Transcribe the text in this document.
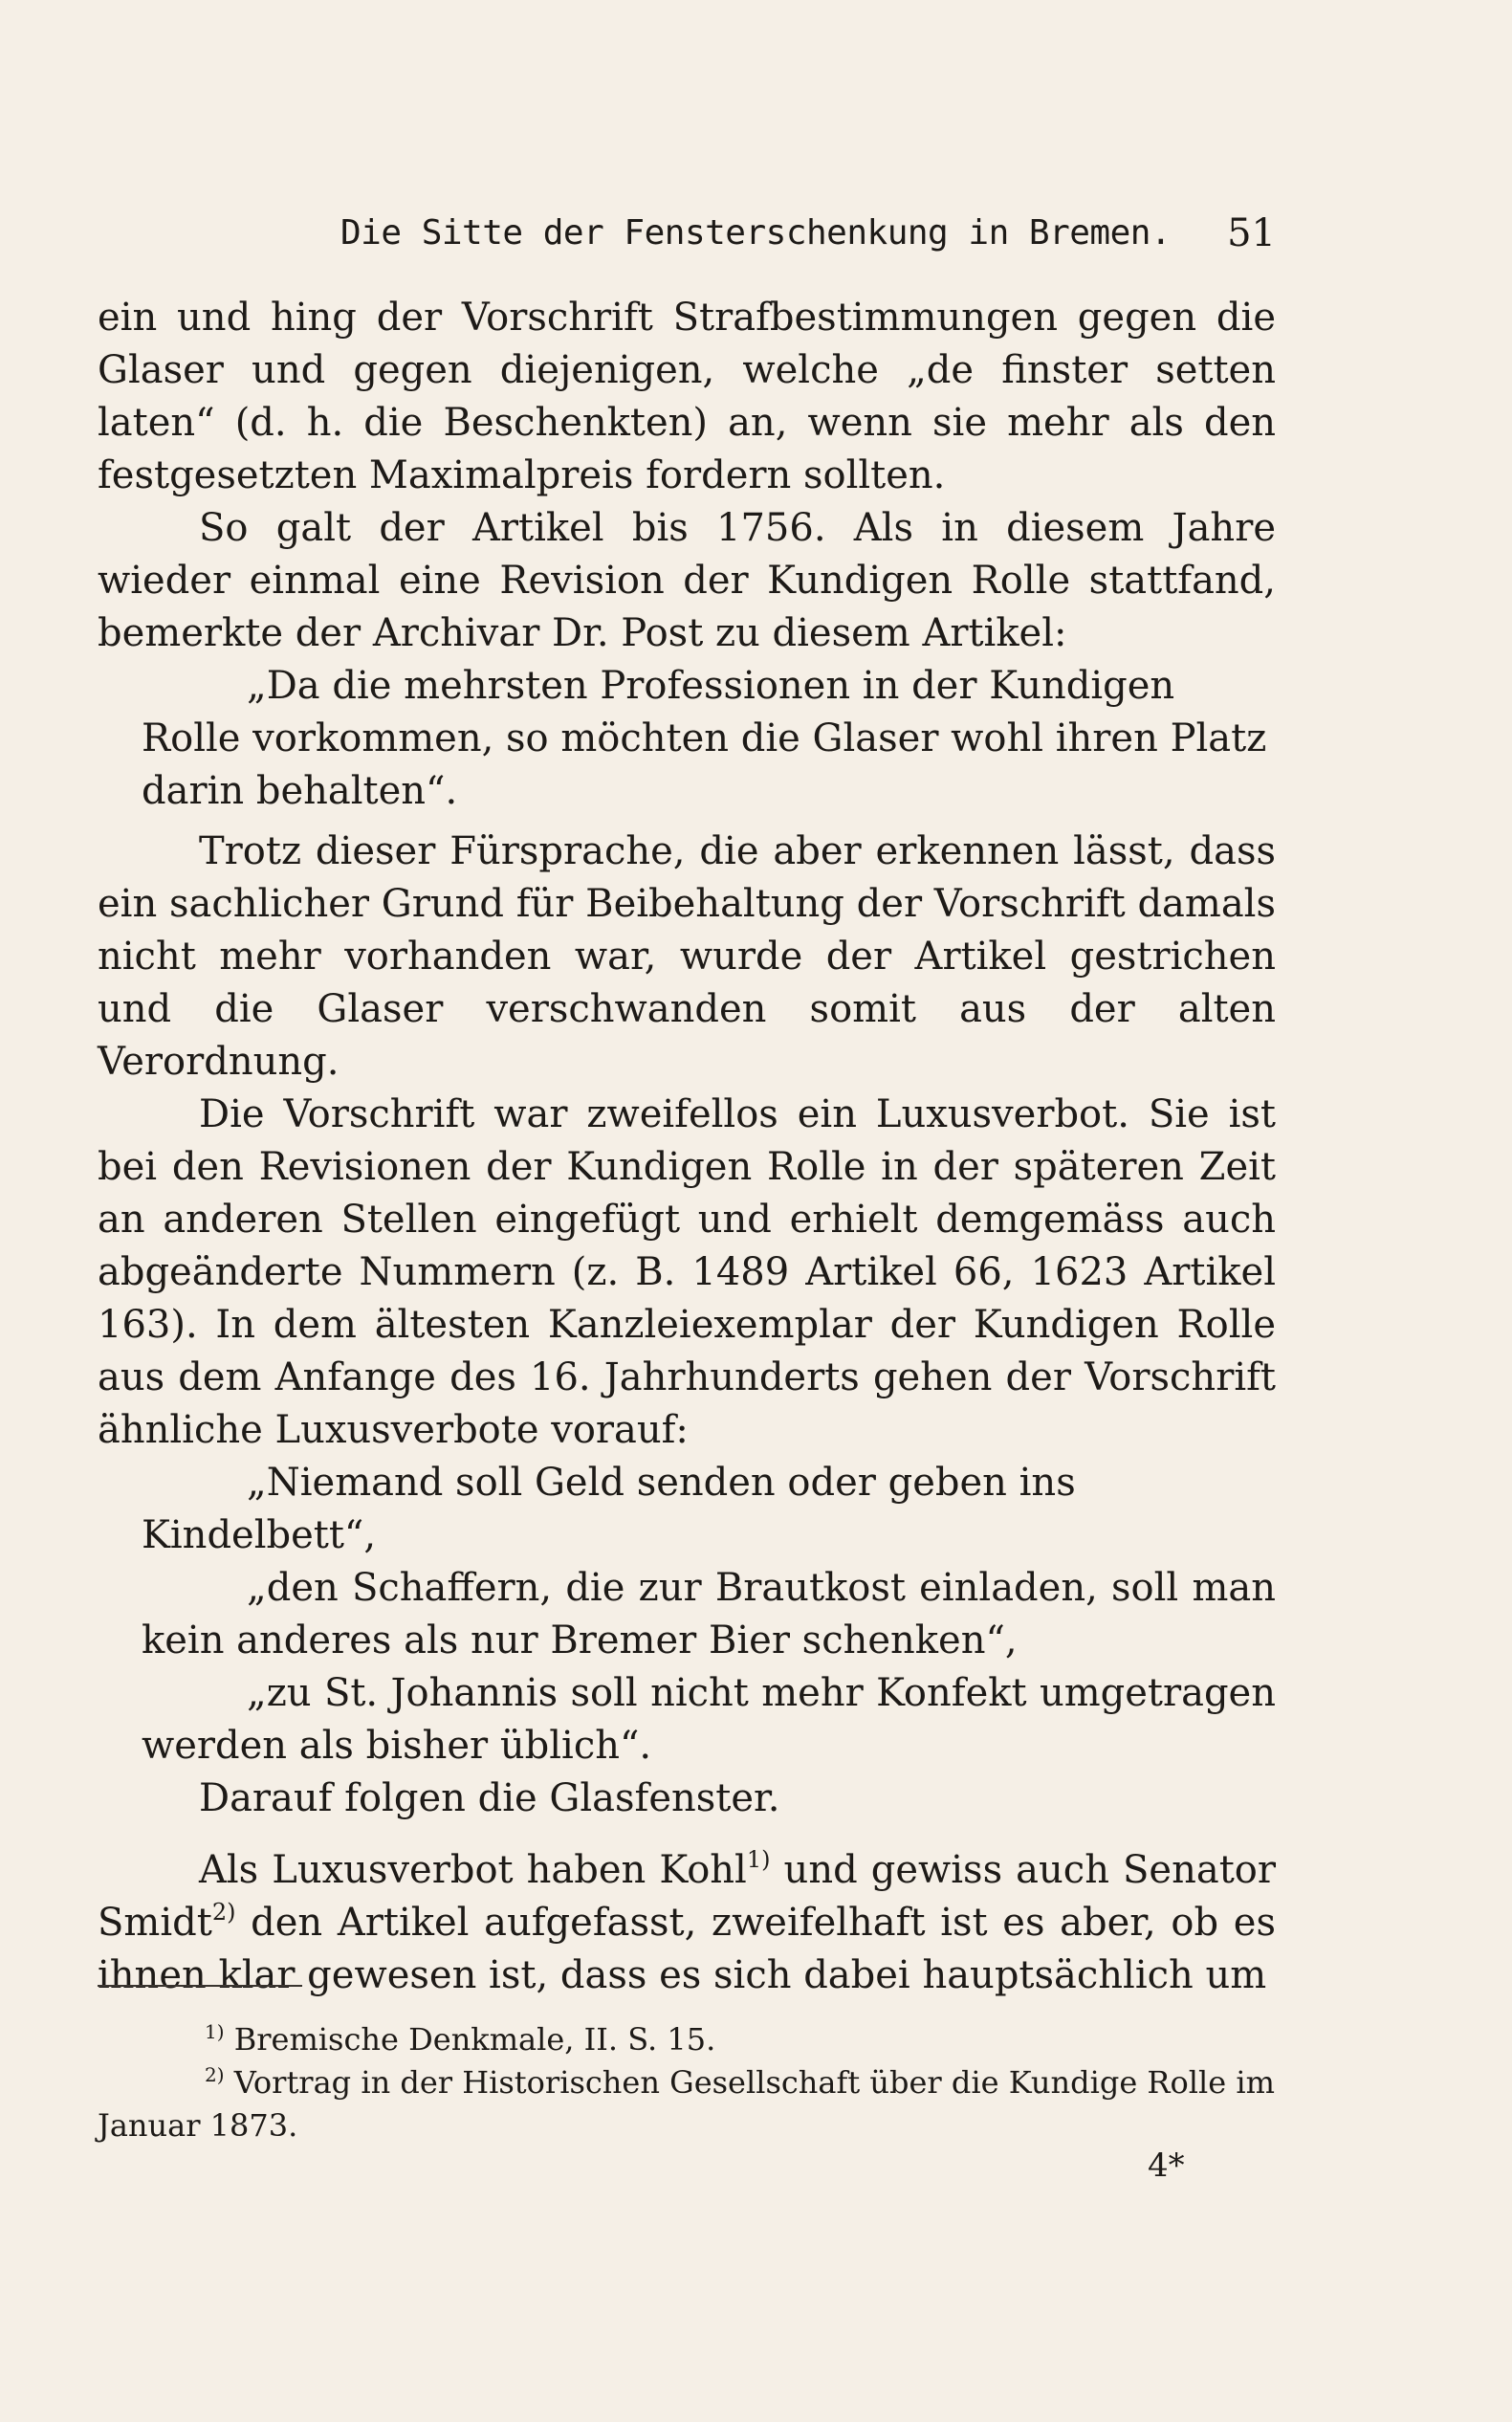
Die Sitte der Fensterschenkung in Bremen. 51

ein und hing der Vorschrift Strafbestimmungen gegen die Glaser und gegen diejenigen, welche „de finster setten laten“ (d. h. die Beschenkten) an, wenn sie mehr als den festgesetzten Maximalpreis fordern sollten.

So galt der Artikel bis 1756. Als in diesem Jahre wieder einmal eine Revision der Kundigen Rolle stattfand, bemerkte der Archivar Dr. Post zu diesem Artikel:

„Da die mehrsten Professionen in der Kundigen Rolle vorkommen, so möchten die Glaser wohl ihren Platz darin behalten“.

Trotz dieser Fürsprache, die aber erkennen lässt, dass ein sachlicher Grund für Beibehaltung der Vorschrift damals nicht mehr vorhanden war, wurde der Artikel gestrichen und die Glaser verschwanden somit aus der alten Verordnung.

Die Vorschrift war zweifellos ein Luxusverbot. Sie ist bei den Revisionen der Kundigen Rolle in der späteren Zeit an anderen Stellen eingefügt und erhielt demgemäss auch abgeänderte Nummern (z. B. 1489 Artikel 66, 1623 Artikel 163). In dem ältesten Kanzleiexemplar der Kundigen Rolle aus dem Anfange des 16. Jahrhunderts gehen der Vorschrift ähnliche Luxusverbote vorauf:

„Niemand soll Geld senden oder geben ins Kindelbett“,

„den Schaffern, die zur Brautkost einladen, soll man kein anderes als nur Bremer Bier schenken“,

„zu St. Johannis soll nicht mehr Konfekt umgetragen werden als bisher üblich“.

Darauf folgen die Glasfenster.

Als Luxusverbot haben Kohl$^{1)}$ und gewiss auch Senator Smidt$^{2)}$ den Artikel aufgefasst, zweifelhaft ist es aber, ob es ihnen klar gewesen ist, dass es sich dabei hauptsächlich um

$^{1)}$ Bremische Denkmale, II. S. 15.

$^{2)}$ Vortrag in der Historischen Gesellschaft über die Kundige Rolle im Januar 1873.

4*
